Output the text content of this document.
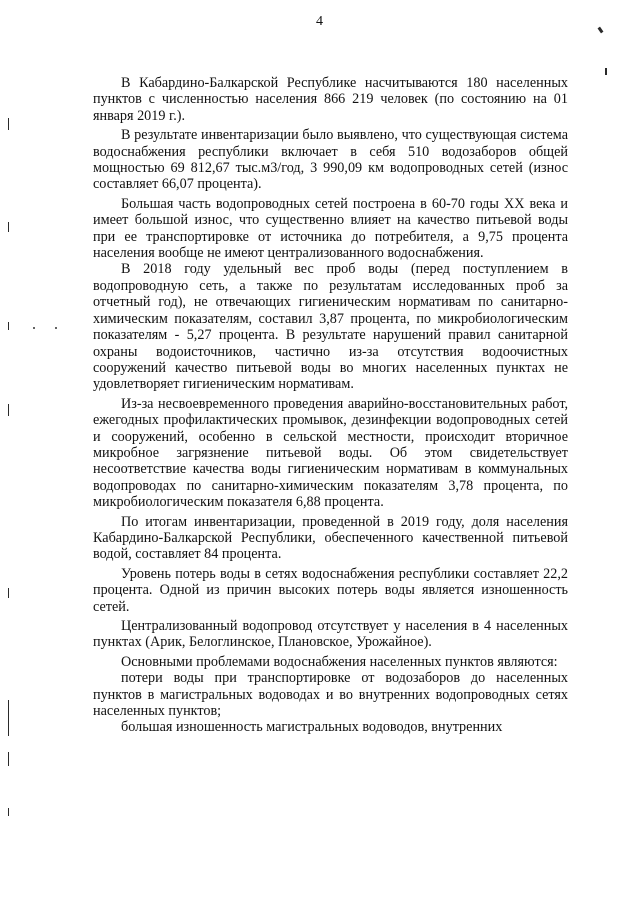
4

В Кабардино-Балкарской Республике насчитываются 180 населенных пунктов с численностью населения 866 219 человек (по состоянию на 01 января 2019 г.).

В результате инвентаризации было выявлено, что существующая система водоснабжения республики включает в себя 510 водозаборов общей мощностью 69 812,67 тыс.м3/год, 3 990,09 км водопроводных сетей (износ составляет 66,07 процента).

Большая часть водопроводных сетей построена в 60-70 годы XX века и имеет большой износ, что существенно влияет на качество питьевой воды при ее транспортировке от источника до потребителя, а 9,75 процента населения вообще не имеют централизованного водоснабжения.

В 2018 году удельный вес проб воды (перед поступлением в водопроводную сеть, а также по результатам исследованных проб за отчетный год), не отвечающих гигиеническим нормативам по санитарно-химическим показателям, составил 3,87 процента, по микробиологическим показателям - 5,27 процента. В результате нарушений правил санитарной охраны водоисточников, частично из-за отсутствия водоочистных сооружений качество питьевой воды во многих населенных пунктах не удовлетворяет гигиеническим нормативам.

Из-за несвоевременного проведения аварийно-восстановительных работ, ежегодных профилактических промывок, дезинфекции водопроводных сетей и сооружений, особенно в сельской местности, происходит вторичное микробное загрязнение питьевой воды. Об этом свидетельствует несоответствие качества воды гигиеническим нормативам в коммунальных водопроводах по санитарно-химическим показателям 3,78 процента, по микробиологическим показателя 6,88 процента.

По итогам инвентаризации, проведенной в 2019 году, доля населения Кабардино-Балкарской Республики, обеспеченного качественной питьевой водой, составляет 84 процента.

Уровень потерь воды в сетях водоснабжения республики составляет 22,2 процента. Одной из причин высоких потерь воды является изношенность сетей.

Централизованный водопровод отсутствует у населения в 4 населенных пунктах (Арик, Белоглинское, Плановское, Урожайное).

Основными проблемами водоснабжения населенных пунктов являются:

потери воды при транспортировке от водозаборов до населенных пунктов в магистральных водоводах и во внутренних водопроводных сетях населенных пунктов;

большая изношенность магистральных водоводов, внутренних
